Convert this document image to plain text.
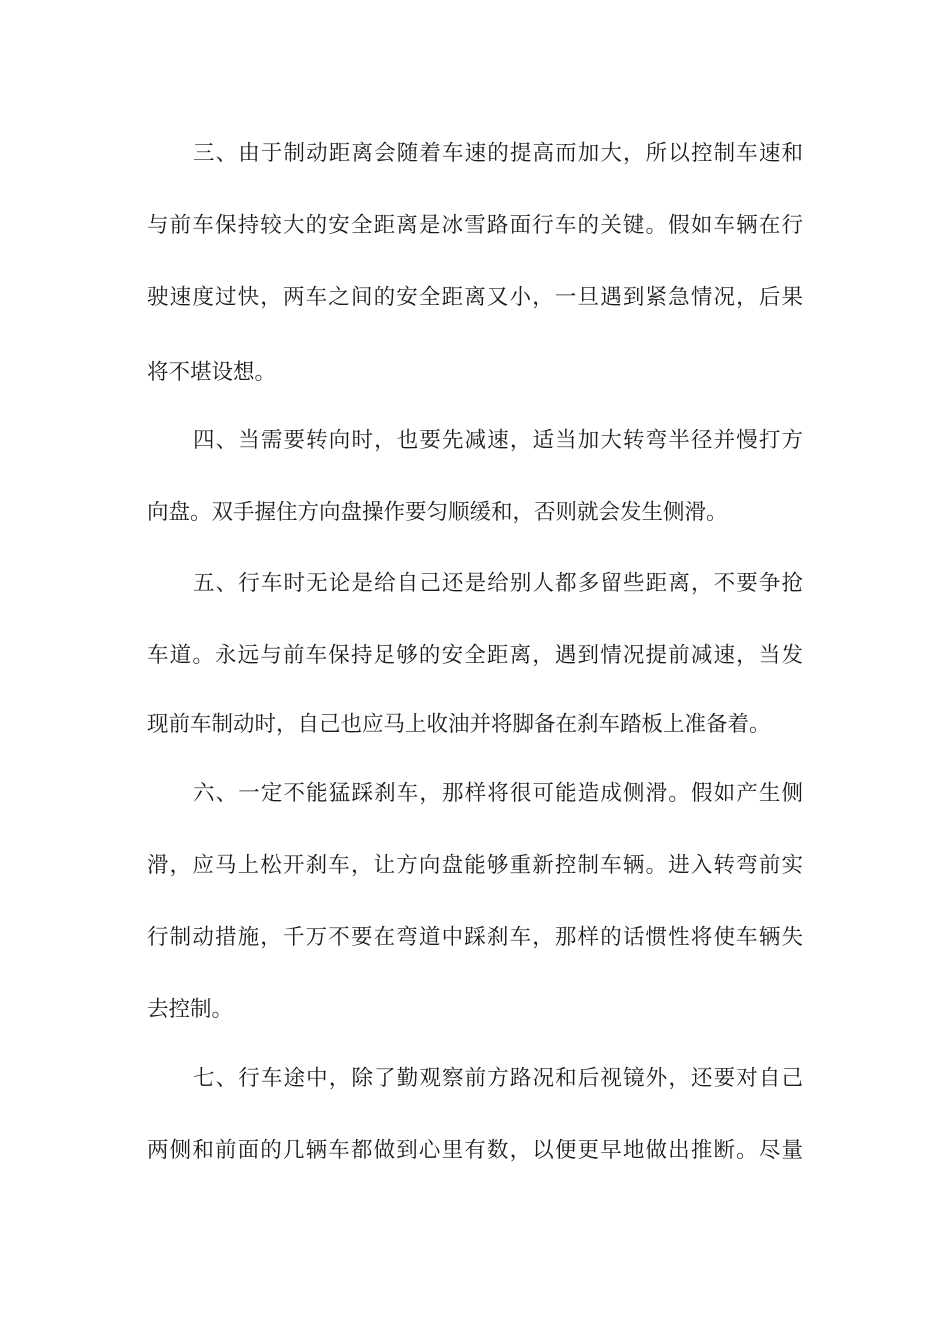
三、由于制动距离会随着车速的提高而加大，所以控制车速和
与前车保持较大的安全距离是冰雪路面行车的关键。假如车辆在行
驶速度过快，两车之间的安全距离又小，一旦遇到紧急情况，后果
将不堪设想。
四、当需要转向时，也要先减速，适当加大转弯半径并慢打方
向盘。双手握住方向盘操作要匀顺缓和，否则就会发生侧滑。
五、行车时无论是给自己还是给别人都多留些距离，不要争抢
车道。永远与前车保持足够的安全距离，遇到情况提前减速，当发
现前车制动时，自己也应马上收油并将脚备在刹车踏板上准备着。
六、一定不能猛踩刹车，那样将很可能造成侧滑。假如产生侧
滑，应马上松开刹车，让方向盘能够重新控制车辆。进入转弯前实
行制动措施，千万不要在弯道中踩刹车，那样的话惯性将使车辆失
去控制。
七、行车途中，除了勤观察前方路况和后视镜外，还要对自己
两侧和前面的几辆车都做到心里有数，以便更早地做出推断。尽量
